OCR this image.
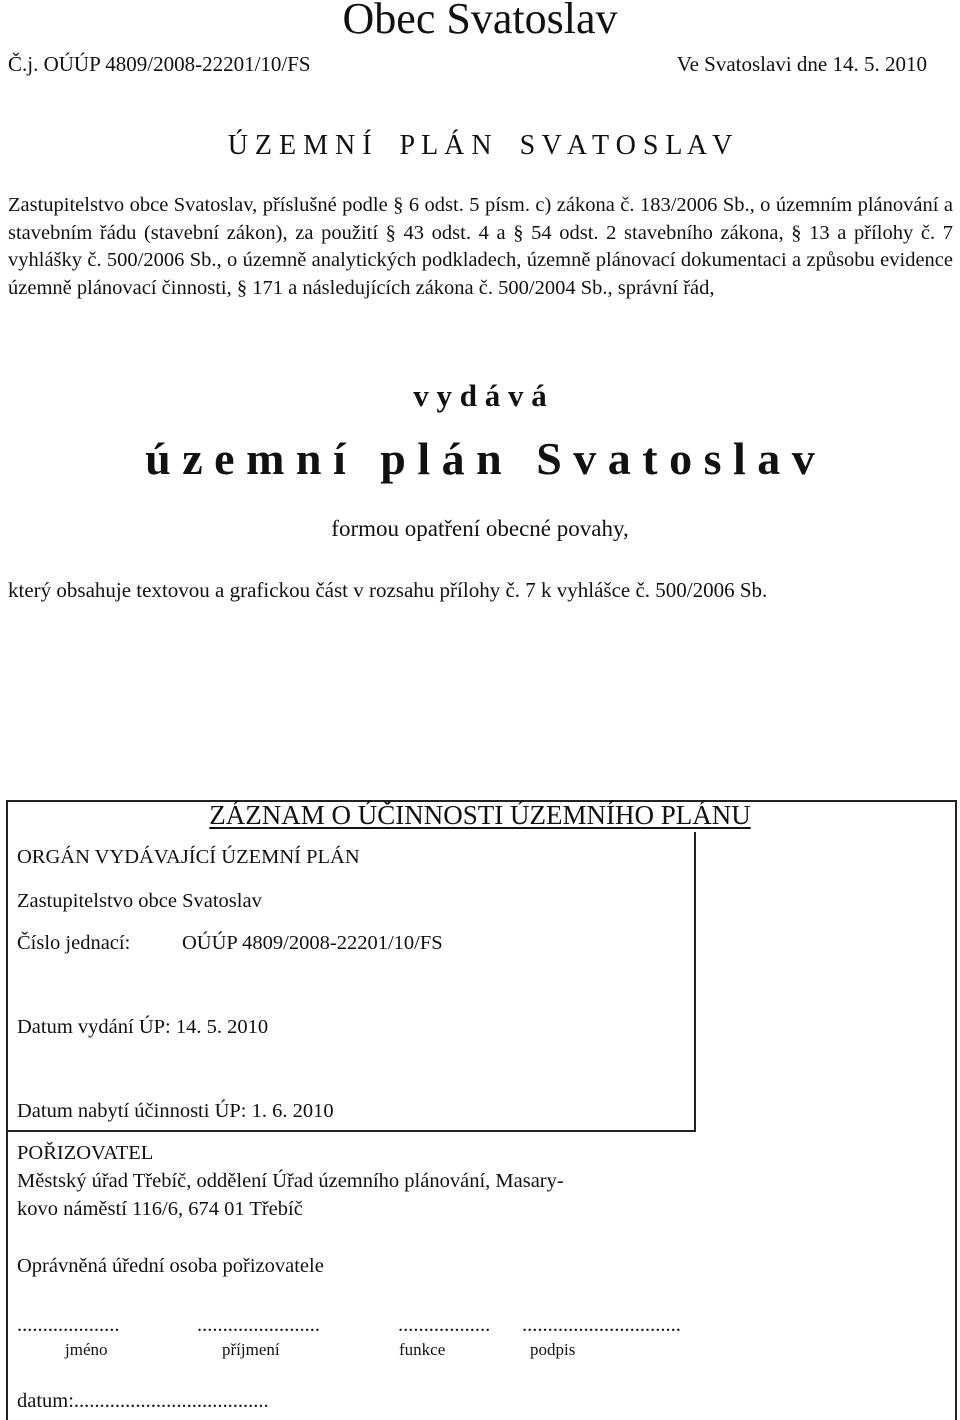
Obec Svatoslav
Č.j. OÚÚP 4809/2008-22201/10/FS	Ve Svatoslavi dne 14. 5. 2010
Ú Z E M N Í    P L Á N    S V A T O S L A V

Zastupitelstvo obce Svatoslav, příslušné podle § 6 odst. 5 písm. c) zákona č. 183/2006 Sb., o územním plánování a stavebním řádu (stavební zákon), za použití § 43 odst. 4 a § 54 odst. 2 stavebního zákona, § 13 a přílohy č. 7 vyhlášky č. 500/2006 Sb., o územně analytických podkladech, územně plánovací dokumentaci a způsobu evidence územně plánovací činnosti, § 171 a následujících zákona č. 500/2004 Sb., správní řád,

v y d á v á
ú z e m n í   p l á n   S v a t o s l a v
formou opatření obecné povahy,
který obsahuje textovou a grafickou část v rozsahu přílohy č. 7 k vyhlášce č. 500/2006 Sb.
ZÁZNAM O ÚČINNOSTI ÚZEMNÍHO PLÁNU
ORGÁN VYDÁVAJÍCÍ ÚZEMNÍ PLÁN
Zastupitelstvo obce Svatoslav
Číslo jednací:	OÚÚP 4809/2008-22201/10/FS
Datum vydání ÚP: 14. 5. 2010
Datum nabytí účinnosti ÚP: 1. 6. 2010
POŘIZOVATEL
Městský úřad Třebíč, oddělení Úřad územního plánování, Masary-
kovo náměstí 116/6, 674 01 Třebíč
Oprávněná úřední osoba pořizovatele
....................	........................	.................. ...............................
jméno	příjmení	funkce	podpis
datum:......................................
